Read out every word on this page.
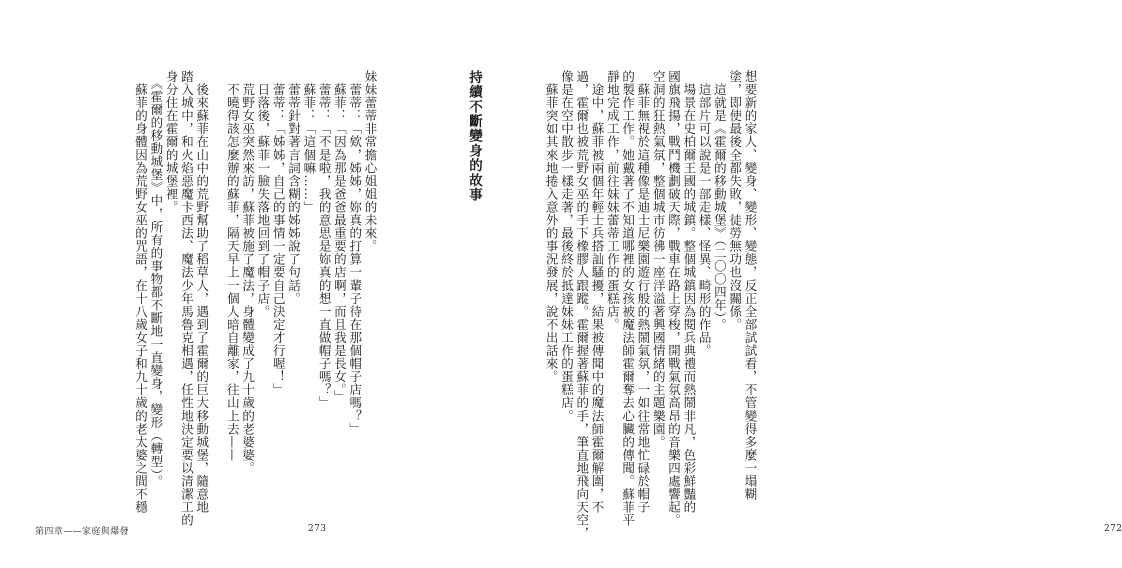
妹妹蕾蒂非常擔心姐姐的未來。
　蕾蒂：「欸，姊姊，妳真的打算一輩子待在那個帽子店嗎？」
　蘇菲：「因為那是爸爸最重要的店啊，而且我是長女。」
　蕾蒂：「不是啦，我的意思是妳真的想一直做帽子嗎？」
　蘇菲：「這個嘛……」
　蕾蒂針對著言詞含糊的姊姊說了句話。
　蕾蒂：「姊姊，自己的事情一定要自己決定才行喔！」
　日落後，蘇菲一臉失落地回到了帽子店。
　荒野女巫突然來訪，蘇菲被施了魔法，身體變成了九十歲的老婆婆。
　不曉得該怎麼辦的蘇菲，隔天早上一個人暗自離家，往山上去——

　後來蘇菲在山中的荒野幫助了稻草人，遇到了霍爾的巨大移動城堡，隨意地
踏入城中，和火焰惡魔卡西法、魔法少年馬魯克相遇，任性地決定要以清潔工的
身分住在霍爾的城堡裡。
　《霍爾的移動城堡》中，所有的事物都不斷地一直變身，變形（轉型）。
　蘇菲的身體因為荒野女巫的咒語，在十八歲女子和九十歲的老太婆之間不穩
第四章——家庭與爆發	273
持續不斷變身的故事	想要新的家人、變身、變形、變態，反正全部試試看，不管變得多麼一塌糊
塗，即使最後全都失敗，徒勞無功也沒關係。
　這就是《霍爾的移動城堡》（二〇〇四年）。
　這部片可以說是一部走樣、怪異、畸形的作品。
　場景在史柏爾王國的城鎮。整個城鎮因為閱兵典禮而熱鬧非凡，色彩鮮豔的
國旗飛揚，戰鬥機劃破天際，戰車在路上穿梭，開戰氣氛高昂的音樂四處響起。
空洞的狂熱氣氛，整個城市彷彿一座洋溢著興國情緒的主題樂園。
　蘇菲無視於這種像是迪士尼樂園遊行般的熱鬧氣氛，一如往常地忙碌於帽子
的製作工作。她戴著了不知道哪裡的女孩被魔法師霍爾奪去心臟的傳聞。蘇菲平
靜地完成工作，前往妹妹蕾蒂工作的蛋糕店。
　途中，蘇菲被兩個年輕士兵搭訕騷擾，結果被傳聞中的魔法師霍爾解圍，不
過，霍爾也被荒野女巫的手下橡膠人跟蹤。霍爾握著蘇菲的手，筆直地飛向天空，
像是在空中散步一樣走著，最後終於抵達妹妹工作的蛋糕店。
　蘇菲突如其來地捲入意外的事況發展，說不出話來。
272
